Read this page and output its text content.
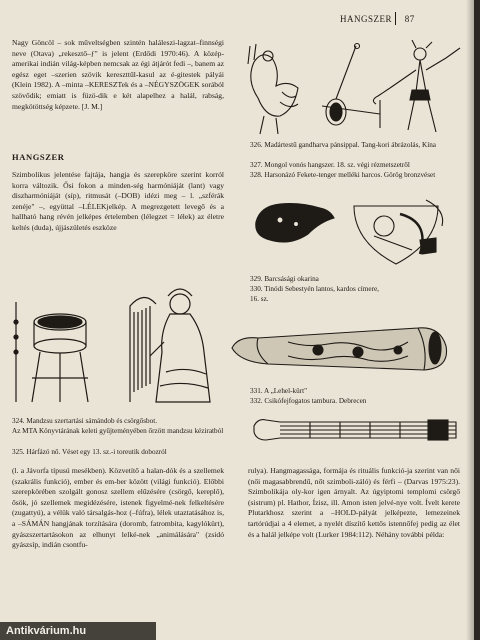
HANGSZER 87
Nagy Göncöl – sok műveltségben szintén haláleszi-lagzat–finnségi neve (Otava) „rekesztő–ƒ" is jelent (Erdődi 1970:46). A közép-amerikai indián világ-képben nemcsak az égi átjárót fedi –, banem az egész eget –szerien szövik kereszttűl-kasul az é-gitestek pályái (Klein 1982). A –minta –KERESZTek és a –NÉGYSZÖGEK sorából szövődik; emiatt is füzö-dik e két alapelhez a halál, rabság, megkötöttség képzete. [J. M.]
HANGSZER
Szimbolikus jelentése fajtája, hangja és szerepköre szerint korról korra változik. Ősi fokon a minden-ség harmóniáját (lant) vagy diszharmóniáját (síp), ritmusát (–DOB) idézi meg – l. „szférák zenéje" –, együttal –LÉLEKjelkép. A megrezgetett levegő és a hallható hang révén jelképes értelemben (lélegzet = lélek) az életre keltés (duda), újjászületés eszköze
324. Mandzsu szertartási sámándob és csörgősbot.
Az MTA Könyvtárának keleti gyűjteményében őrzött mandzsu kéziratból
325. Hárfázó nő. Véset egy 13. sz.-i toreutik dobozról
(l. a Jávorfa típusú mesékben). Közvetítő a halan-dók és a szellemek (szakrális funkció), ember és em-ber között (világi funkció). Előbbi szerepkörében szolgált gonosz szellem elűzésére (csörgő, kereplő), ősök, jó szellemek megidézésére, istenek figyelmé-nek felkeltésére (zugattyú), a vélük való társalgás-hoz (–fúfra), lélek utaztatásához is, a –SÁMÁN hangjának torzítására (doromb, fatrombita, kagylókürt), gyászszertartásokon az elhunyt lelké-nek „animálására" (zsidó gyászsíp, indián csontfu-
326. Madártestű gandharva pánsippal. Tang-kori ábrázolás, Kína
327. Mongol vonós hangszer. 18. sz. végi rézmetszetről
328. Harsonázó Fekete-tenger melléki harcos. Görög bronzvéset
329. Barcsásági okarina
330. Tinódi Sebestyén lantos, kardos címere, 16. sz.
331. A „Lehel-kürt"
332. Csikófejfogatos tambura. Debrecen
rulya). Hangmagassága, formája és rituális funkció-ja szerint van női (női magasabbrendű, nőt szimboli-záló) és férfi – (Darvas 1975:23). Szimbolikája oly-kor igen árnyalt. Az úgyiptomi templomi csörgő (sistrum) pl. Hathor, Ízisz, ill. Amon isten jelvé-nye volt. Ívelt kerete Plutarkhosz szerint a –HOLD-pályát jelképezte, lemezeinek tartórúdjai a 4 elemet, a nyelét díszítő kettős istennőfej pedig az élet és a halál jelképe volt (Lurker 1984:112). Néhány további példa:
Antikvárium.hu
